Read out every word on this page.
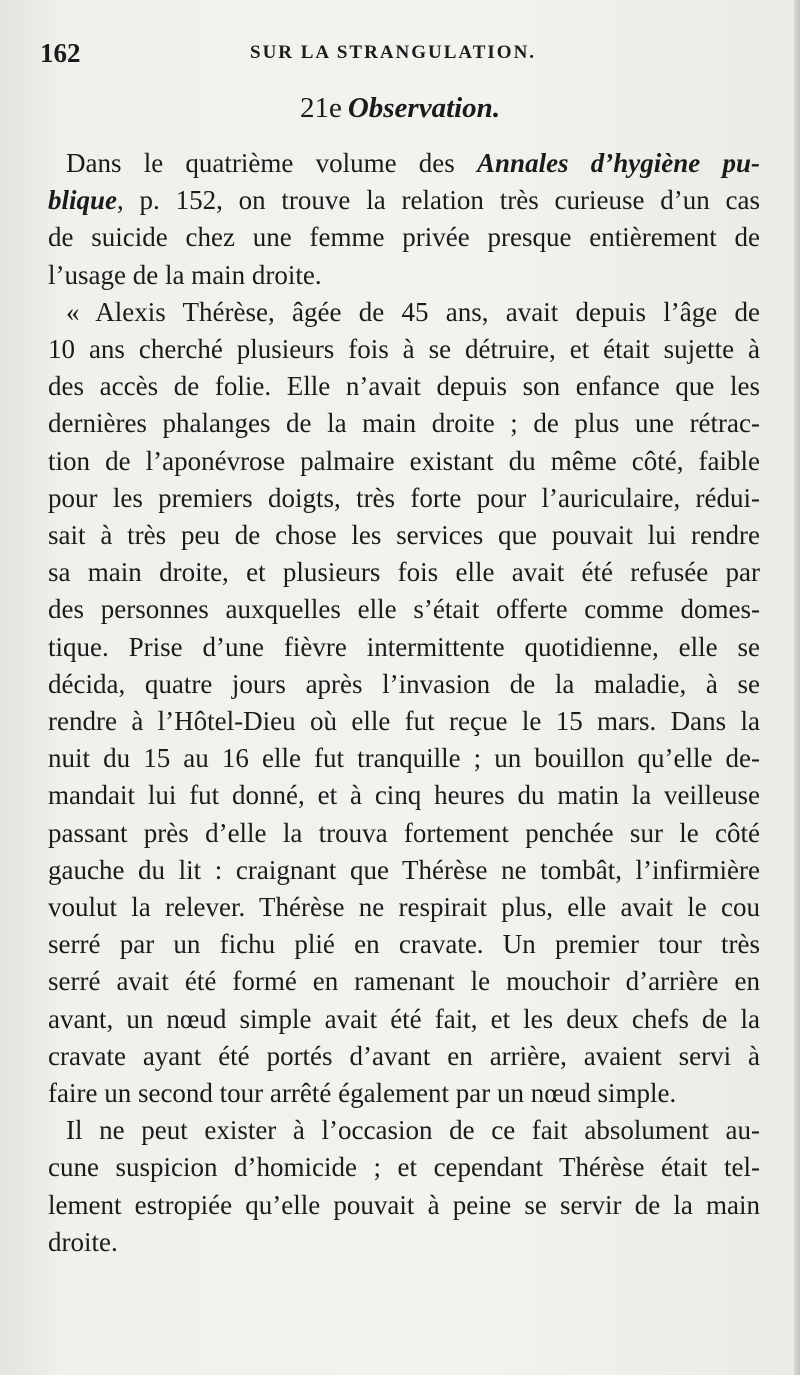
162	SUR LA STRANGULATION.
21e Observation.
Dans le quatrième volume des Annales d’hygiène pu-
blique, p. 152, on trouve la relation très curieuse d’un cas
de suicide chez une femme privée presque entièrement de
l’usage de la main droite.
« Alexis Thérèse, âgée de 45 ans, avait depuis l’âge de
10 ans cherché plusieurs fois à se détruire, et était sujette à
des accès de folie. Elle n’avait depuis son enfance que les
dernières phalanges de la main droite ; de plus une rétrac-
tion de l’aponévrose palmaire existant du même côté, faible
pour les premiers doigts, très forte pour l’auriculaire, rédui-
sait à très peu de chose les services que pouvait lui rendre
sa main droite, et plusieurs fois elle avait été refusée par
des personnes auxquelles elle s’était offerte comme domes-
tique. Prise d’une fièvre intermittente quotidienne, elle se
décida, quatre jours après l’invasion de la maladie, à se
rendre à l’Hôtel-Dieu où elle fut reçue le 15 mars. Dans la
nuit du 15 au 16 elle fut tranquille ; un bouillon qu’elle de-
mandait lui fut donné, et à cinq heures du matin la veilleuse
passant près d’elle la trouva fortement penchée sur le côté
gauche du lit : craignant que Thérèse ne tombât, l’infirmière
voulut la relever. Thérèse ne respirait plus, elle avait le cou
serré par un fichu plié en cravate. Un premier tour très
serré avait été formé en ramenant le mouchoir d’arrière en
avant, un nœud simple avait été fait, et les deux chefs de la
cravate ayant été portés d’avant en arrière, avaient servi à
faire un second tour arrêté également par un nœud simple.
Il ne peut exister à l’occasion de ce fait absolument au-
cune suspicion d’homicide ; et cependant Thérèse était tel-
lement estropiée qu’elle pouvait à peine se servir de la main
droite.
